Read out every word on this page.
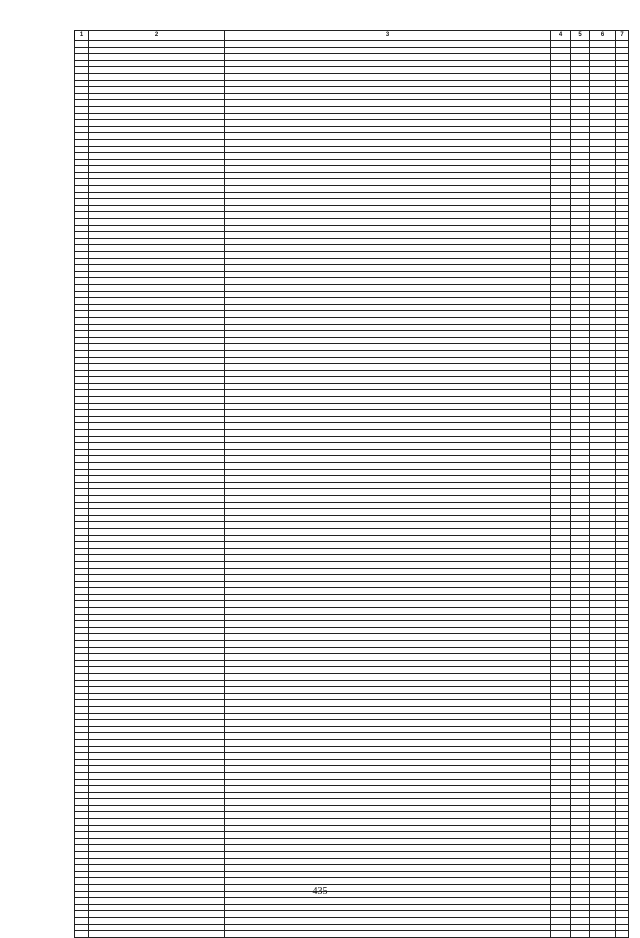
1	2	3	4	5	6	7

435
